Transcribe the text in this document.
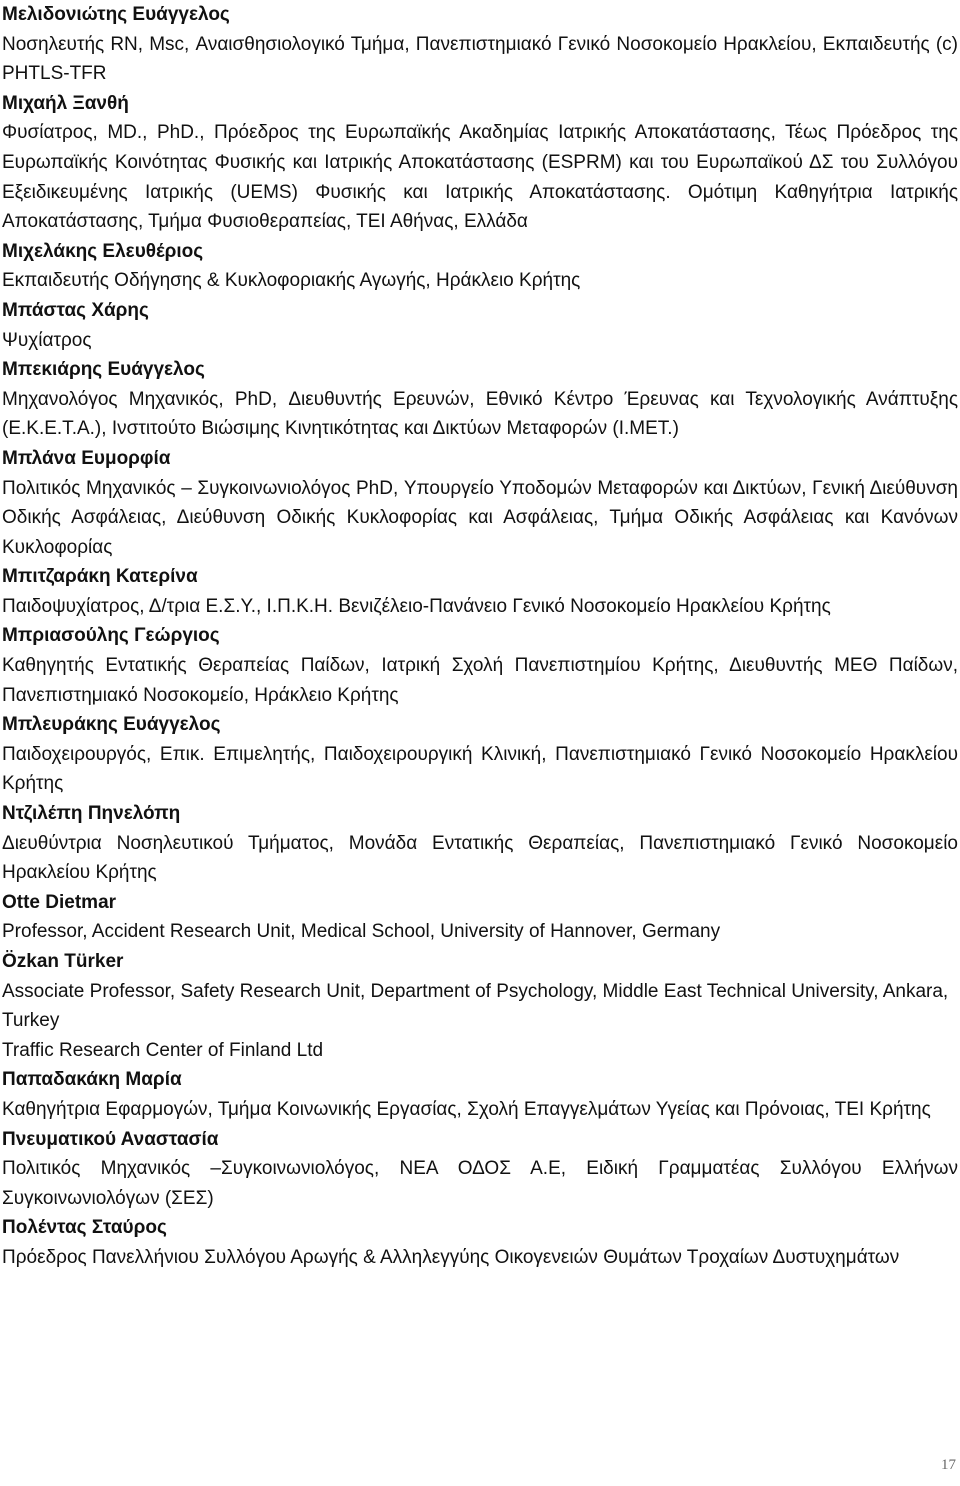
Μελιδονιώτης Ευάγγελος
Νοσηλευτής RN, Msc, Αναισθησιολογικό Τμήμα, Πανεπιστημιακό Γενικό Νοσοκομείο Ηρακλείου, Εκπαιδευτής (c) PHTLS-TFR
Μιχαήλ Ξανθή
Φυσίατρος, MD., PhD., Πρόεδρος της Ευρωπαϊκής Ακαδημίας Ιατρικής Αποκατάστασης, Τέως Πρόεδρος της Ευρωπαϊκής Κοινότητας Φυσικής και Ιατρικής Αποκατάστασης (ESPRM) και του Ευρωπαϊκού ΔΣ του Συλλόγου Εξειδικευμένης Ιατρικής (UEMS) Φυσικής και Ιατρικής Αποκατάστασης. Ομότιμη Καθηγήτρια Ιατρικής Αποκατάστασης, Τμήμα Φυσιοθεραπείας, ΤΕΙ Αθήνας, Ελλάδα
Μιχελάκης Ελευθέριος
Εκπαιδευτής Οδήγησης & Κυκλοφοριακής Αγωγής, Ηράκλειο Κρήτης
Μπάστας Χάρης
Ψυχίατρος
Μπεκιάρης Ευάγγελος
Μηχανολόγος Μηχανικός, PhD, Διευθυντής Ερευνών, Εθνικό Κέντρο Έρευνας και Τεχνολογικής Ανάπτυξης (Ε.Κ.Ε.Τ.Α.), Ινστιτούτο Βιώσιμης Κινητικότητας και Δικτύων Μεταφορών (Ι.ΜΕΤ.)
Μπλάνα Ευμορφία
Πολιτικός Μηχανικός – Συγκοινωνιολόγος PhD, Υπουργείο Υποδομών Μεταφορών και Δικτύων, Γενική Διεύθυνση Οδικής Ασφάλειας, Διεύθυνση Οδικής Κυκλοφορίας και Ασφάλειας, Τμήμα Οδικής Ασφάλειας και Κανόνων Κυκλοφορίας
Μπιτζαράκη Κατερίνα
Παιδοψυχίατρος, Δ/τρια Ε.Σ.Υ., Ι.Π.Κ.Η. Βενιζέλειο-Πανάνειο Γενικό Νοσοκομείο Ηρακλείου Κρήτης
Μπριασούλης Γεώργιος
Καθηγητής Εντατικής Θεραπείας Παίδων, Ιατρική Σχολή Πανεπιστημίου Κρήτης, Διευθυντής ΜΕΘ Παίδων, Πανεπιστημιακό Νοσοκομείο, Ηράκλειο Κρήτης
Μπλευράκης Ευάγγελος
Παιδοχειρουργός, Επικ. Επιμελητής, Παιδοχειρουργική Κλινική, Πανεπιστημιακό Γενικό Νοσοκομείο Ηρακλείου Κρήτης
Ντζιλέπη Πηνελόπη
Διευθύντρια Νοσηλευτικού Τμήματος, Μονάδα Εντατικής Θεραπείας, Πανεπιστημιακό Γενικό Νοσοκομείο Ηρακλείου Κρήτης
Otte Dietmar
Professor, Accident Research Unit, Medical School, University of Hannover, Germany
Özkan Türker
Associate Professor, Safety Research Unit, Department of Psychology, Middle East Technical University, Ankara, Turkey
Traffic Research Center of Finland Ltd
Παπαδακάκη Μαρία
Καθηγήτρια Εφαρμογών, Τμήμα Κοινωνικής Εργασίας, Σχολή Επαγγελμάτων Υγείας και Πρόνοιας, ΤΕΙ Κρήτης
Πνευματικού Αναστασία
Πολιτικός Μηχανικός –Συγκοινωνιολόγος, ΝΕΑ ΟΔΟΣ Α.Ε, Ειδική Γραμματέας Συλλόγου Ελλήνων Συγκοινωνιολόγων (ΣΕΣ)
Πολέντας Σταύρος
Πρόεδρος Πανελλήνιου Συλλόγου Αρωγής & Αλληλεγγύης Οικογενειών Θυμάτων Τροχαίων Δυστυχημάτων
17
